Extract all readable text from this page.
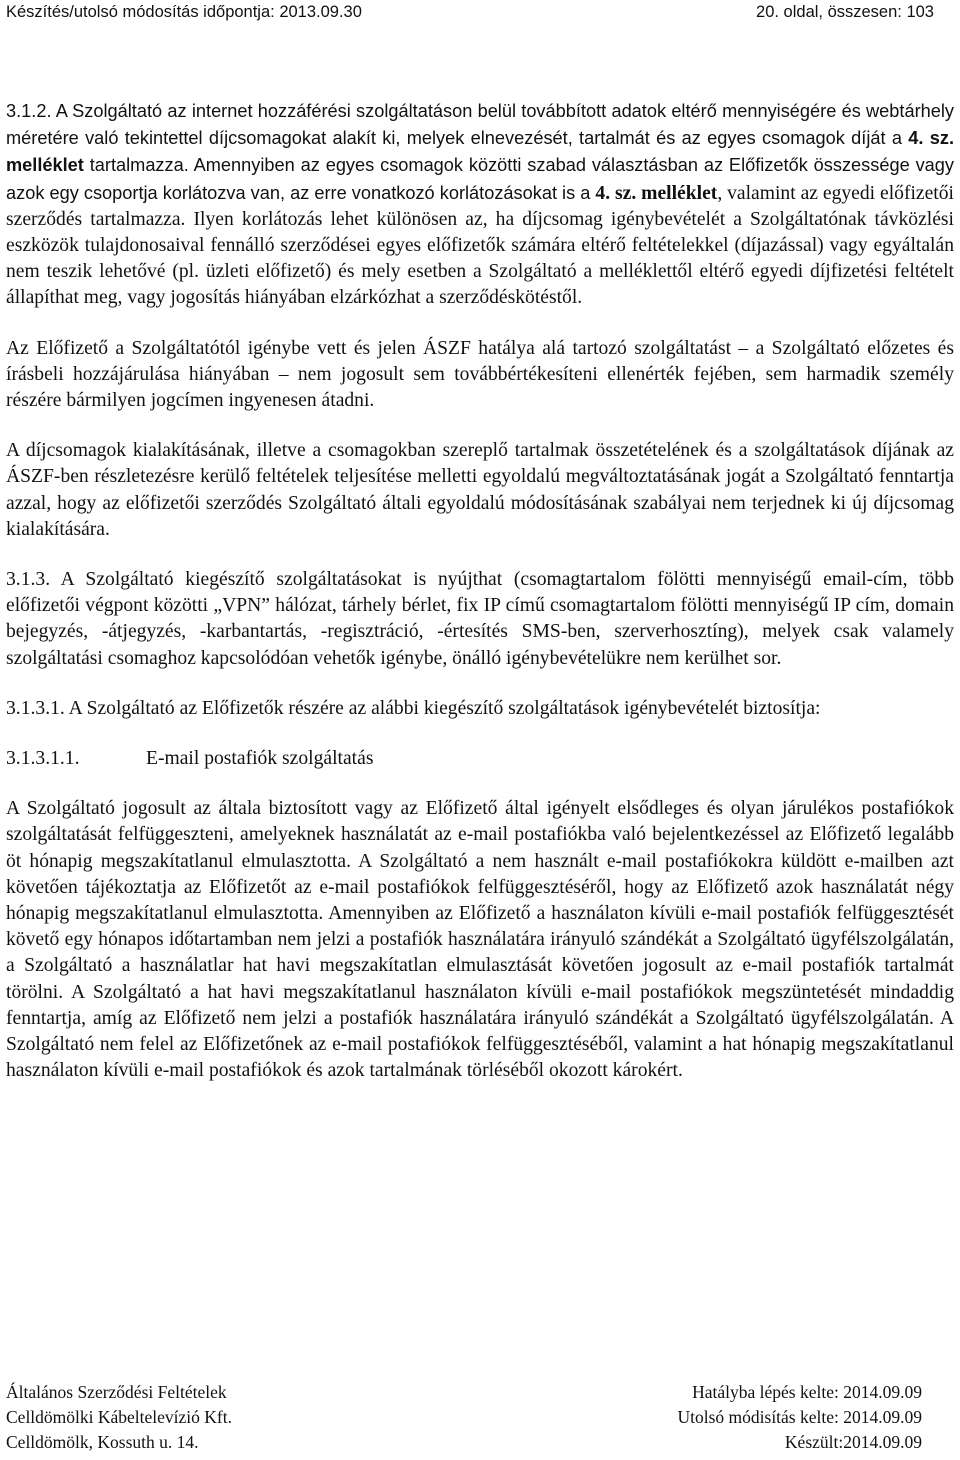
Készítés/utolsó módosítás időpontja: 2013.09.30	20. oldal, összesen: 103

3.1.2. A Szolgáltató az internet hozzáférési szolgáltatáson belül továbbított adatok eltérő mennyiségére és webtárhely méretére való tekintettel díjcsomagokat alakít ki, melyek elnevezését, tartalmát és az egyes csomagok díját a 4. sz. melléklet tartalmazza. Amennyiben az egyes csomagok közötti szabad választásban az Előfizetők összessége vagy azok egy csoportja korlátozva van, az erre vonatkozó korlátozásokat is a 4. sz. melléklet, valamint az egyedi előfizetői szerződés tartalmazza. Ilyen korlátozás lehet különösen az, ha díjcsomag igénybevételét a Szolgáltatónak távközlési eszközök tulajdonosaival fennálló szerződései egyes előfizetők számára eltérő feltételekkel (díjazással) vagy egyáltalán nem teszik lehetővé (pl. üzleti előfizető) és mely esetben a Szolgáltató a melléklettől eltérő egyedi díjfizetési feltételt állapíthat meg, vagy jogosítás hiányában elzárkózhat a szerződéskötéstől.

Az Előfizető a Szolgáltatótól igénybe vett és jelen ÁSZF hatálya alá tartozó szolgáltatást – a Szolgáltató előzetes és írásbeli hozzájárulása hiányában – nem jogosult sem továbbértékesíteni ellenérték fejében, sem harmadik személy részére bármilyen jogcímen ingyenesen átadni.

A díjcsomagok kialakításának, illetve a csomagokban szereplő tartalmak összetételének és a szolgáltatások díjának az ÁSZF-ben részletezésre kerülő feltételek teljesítése melletti egyoldalú megváltoztatásának jogát a Szolgáltató fenntartja azzal, hogy az előfizetői szerződés Szolgáltató általi egyoldalú módosításának szabályai nem terjednek ki új díjcsomag kialakítására.

3.1.3. A Szolgáltató kiegészítő szolgáltatásokat is nyújthat (csomagtartalom fölötti mennyiségű email-cím, több előfizetői végpont közötti „VPN” hálózat, tárhely bérlet, fix IP című csomagtartalom fölötti mennyiségű IP cím, domain bejegyzés, -átjegyzés, -karbantartás, -regisztráció, -értesítés SMS-ben, szerverhosztíng), melyek csak valamely szolgáltatási csomaghoz kapcsolódóan vehetők igénybe, önálló igénybevételükre nem kerülhet sor.

3.1.3.1. A Szolgáltató az Előfizetők részére az alábbi kiegészítő szolgáltatások igénybevételét biztosítja:

3.1.3.1.1.	E-mail postafiók szolgáltatás

A Szolgáltató jogosult az általa biztosított vagy az Előfizető által igényelt elsődleges és olyan járulékos postafiókok szolgáltatását felfüggeszteni, amelyeknek használatát az e-mail postafiókba való bejelentkezéssel az Előfizető legalább öt hónapig megszakítatlanul elmulasztotta. A Szolgáltató a nem használt e-mail postafiókokra küldött e-mailben azt követően tájékoztatja az Előfizetőt az e-mail postafiókok felfüggesztéséről, hogy az Előfizető azok használatát négy hónapig megszakítatlanul elmulasztotta. Amennyiben az Előfizető a használaton kívüli e-mail postafiók felfüggesztését követő egy hónapos időtartamban nem jelzi a postafiók használatára irányuló szándékát a Szolgáltató ügyfélszolgálatán, a Szolgáltató a használatlar hat havi megszakítatlan elmulasztását követően jogosult az e-mail postafiók tartalmát törölni. A Szolgáltató a hat havi megszakítatlanul használaton kívüli e-mail postafiókok megszüntetését mindaddig fenntartja, amíg az Előfizető nem jelzi a postafiók használatára irányuló szándékát a Szolgáltató ügyfélszolgálatán. A Szolgáltató nem felel az Előfizetőnek az e-mail postafiókok felfüggesztéséből, valamint a hat hónapig megszakítatlanul használaton kívüli e-mail postafiókok és azok tartalmának törléséből okozott károkért.

Általános Szerződési Feltételek	Hatályba lépés kelte: 2014.09.09
Celldömölki Kábeltelevízió Kft.	Utolsó módisítás kelte: 2014.09.09
Celldömölk, Kossuth u. 14.	Készült:2014.09.09
